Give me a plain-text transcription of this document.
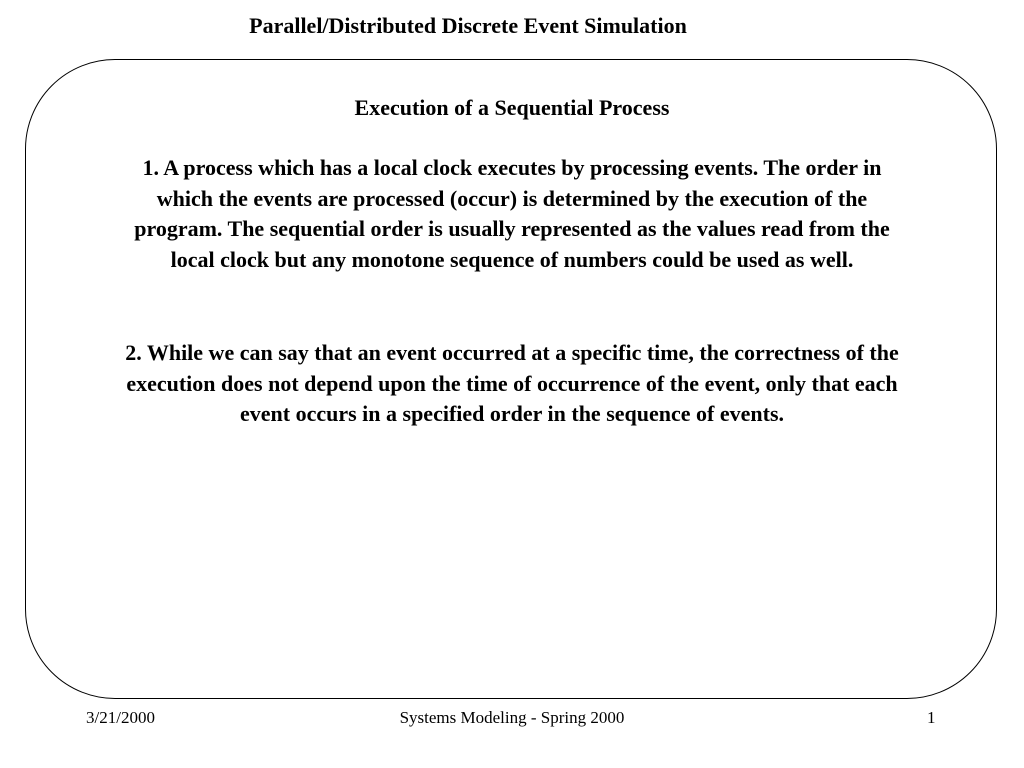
Parallel/Distributed Discrete Event Simulation
Execution of a Sequential Process

1. A process which has a local clock executes by processing events. The order in which the events are processed (occur) is determined by the execution of the program. The sequential order is usually represented as the values read from the local clock but any monotone sequence of numbers could be used as well.

2. While we can say that an event occurred at a specific time, the correctness of the execution does not depend upon the time of occurrence of the event, only that each event occurs in a specified order in the sequence of events.

3/21/2000	Systems Modeling - Spring 2000	1
